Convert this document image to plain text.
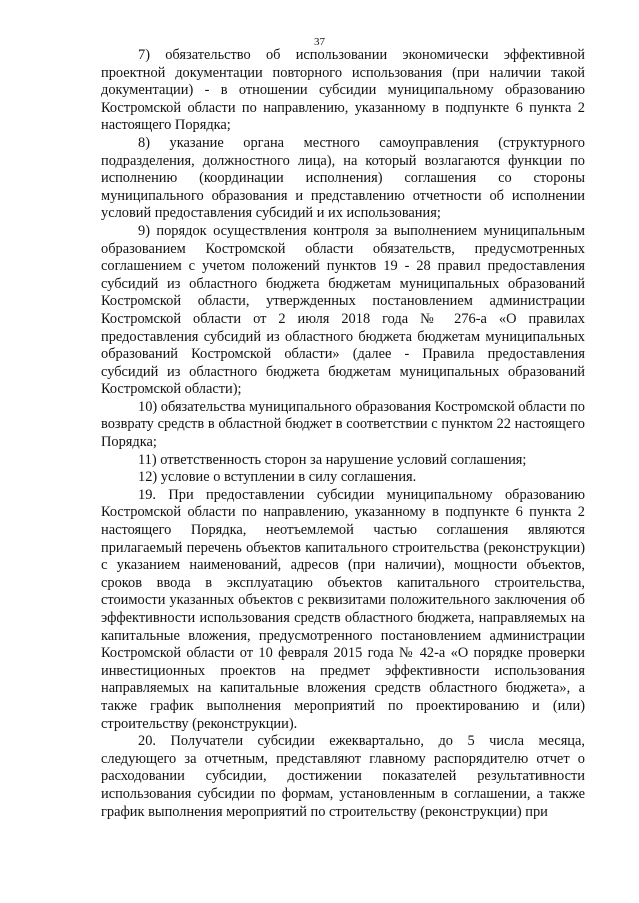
37

7) обязательство об использовании экономически эффективной проектной документации повторного использования (при наличии такой документации) - в отношении субсидии муниципальному образованию Костромской области по направлению, указанному в подпункте 6 пункта 2 настоящего Порядка;

8) указание органа местного самоуправления (структурного подразделения, должностного лица), на который возлагаются функции по исполнению (координации исполнения) соглашения со стороны муниципального образования и представлению отчетности об исполнении условий предоставления субсидий и их использования;

9) порядок осуществления контроля за выполнением муниципальным образованием Костромской области обязательств, предусмотренных соглашением с учетом положений пунктов 19 - 28 правил предоставления субсидий из областного бюджета бюджетам муниципальных образований Костромской области, утвержденных постановлением администрации Костромской области от 2 июля 2018 года № 276-а «О правилах предоставления субсидий из областного бюджета бюджетам муниципальных образований Костромской области» (далее - Правила предоставления субсидий из областного бюджета бюджетам муниципальных образований Костромской области);

10) обязательства муниципального образования Костромской области по возврату средств в областной бюджет в соответствии с пунктом 22 настоящего Порядка;

11) ответственность сторон за нарушение условий соглашения;

12) условие о вступлении в силу соглашения.

19. При предоставлении субсидии муниципальному образованию Костромской области по направлению, указанному в подпункте 6 пункта 2 настоящего Порядка, неотъемлемой частью соглашения являются прилагаемый перечень объектов капитального строительства (реконструкции) с указанием наименований, адресов (при наличии), мощности объектов, сроков ввода в эксплуатацию объектов капитального строительства, стоимости указанных объектов с реквизитами положительного заключения об эффективности использования средств областного бюджета, направляемых на капитальные вложения, предусмотренного постановлением администрации Костромской области от 10 февраля 2015 года № 42-а «О порядке проверки инвестиционных проектов на предмет эффективности использования направляемых на капитальные вложения средств областного бюджета», а также график выполнения мероприятий по проектированию и (или) строительству (реконструкции).

20. Получатели субсидии ежеквартально, до 5 числа месяца, следующего за отчетным, представляют главному распорядителю отчет о расходовании субсидии, достижении показателей результативности использования субсидии по формам, установленным в соглашении, а также график выполнения мероприятий по строительству (реконструкции) при
